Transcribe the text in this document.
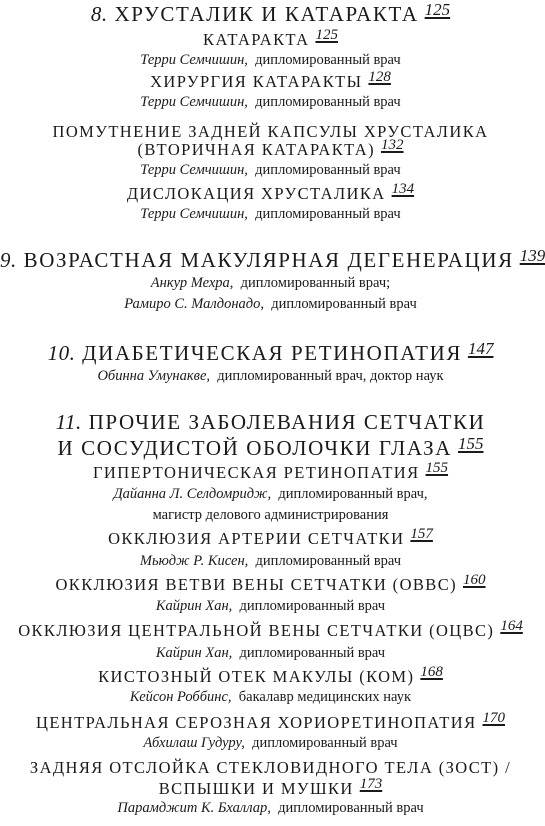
8. ХРУСТАЛИК И КАТАРАКТА $^{125}$
КАТАРАКТА 125
Терри Семчишин, дипломированный врач
ХИРУРГИЯ КАТАРАКТЫ 128
Терри Семчишин, дипломированный врач
ПОМУТНЕНИЕ ЗАДНЕЙ КАПСУЛЫ ХРУСТАЛИКА
(ВТОРИЧНАЯ КАТАРАКТА) 132
Терри Семчишин, дипломированный врач
ДИСЛОКАЦИЯ ХРУСТАЛИКА 134
Терри Семчишин, дипломированный врач
9. ВОЗРАСТНАЯ МАКУЛЯРНАЯ ДЕГЕНЕРАЦИЯ $^{139}$
Анкур Мехра, дипломированный врач;
Рамиро С. Малдонадо, дипломированный врач
10. ДИАБЕТИЧЕСКАЯ РЕТИНОПАТИЯ $^{147}$
Обинна Умунакве, дипломированный врач, доктор наук
11. ПРОЧИЕ ЗАБОЛЕВАНИЯ СЕТЧАТКИ
И СОСУДИСТОЙ ОБОЛОЧКИ ГЛАЗА $^{155}$
ГИПЕРТОНИЧЕСКАЯ РЕТИНОПАТИЯ 155
Дайанна Л. Селдомридж, дипломированный врач,
магистр делового администрирования
ОККЛЮЗИЯ АРТЕРИИ СЕТЧАТКИ 157
Мьюдж Р. Кисен, дипломированный врач
ОККЛЮЗИЯ ВЕТВИ ВЕНЫ СЕТЧАТКИ (ОВВС) 160
Кайрин Хан, дипломированный врач
ОККЛЮЗИЯ ЦЕНТРАЛЬНОЙ ВЕНЫ СЕТЧАТКИ (ОЦВС) 164
Кайрин Хан, дипломированный врач
КИСТОЗНЫЙ ОТЕК МАКУЛЫ (КОМ) 168
Кейсон Роббинс, бакалавр медицинских наук
ЦЕНТРАЛЬНАЯ СЕРОЗНАЯ ХОРИОРЕТИНОПАТИЯ 170
Абхилаш Гудуру, дипломированный врач
ЗАДНЯЯ ОТСЛОЙКА СТЕКЛОВИДНОГО ТЕЛА (ЗОСТ) /
ВСПЫШКИ И МУШКИ 173
Парамджит К. Бхаллар, дипломированный врач
